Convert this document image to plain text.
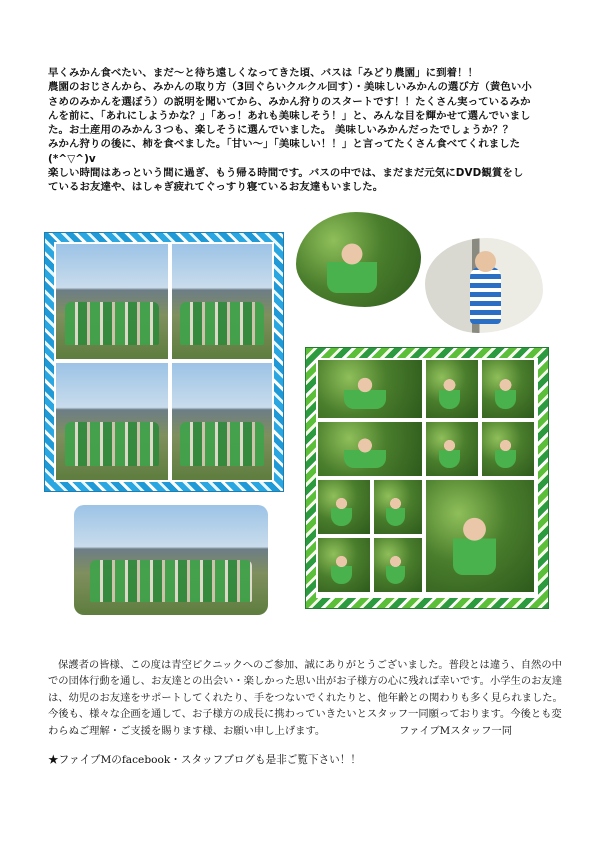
早くみかん食べたい、まだ〜と待ち遠しくなってきた頃、バスは「みどり農園」に到着！！

農園のおじさんから、みかんの取り方（3回ぐらいクルクル回す）・美味しいみかんの選び方（黄色い小

さめのみかんを選ぼう）の説明を聞いてから、みかん狩りのスタートです！！たくさん実っているみか

んを前に、「あれにしようかな？」「あっ！あれも美味しそう！」と、みんな目を輝かせて選んでいまし

た。お土産用のみかん３つも、楽しそうに選んでいました。 美味しいみかんだったでしょうか？？

みかん狩りの後に、柿を食べました。「甘い〜」「美味しい！！」と言ってたくさん食べてくれました

(*^▽^)v

楽しい時間はあっという間に過ぎ、もう帰る時間です。バスの中では、まだまだ元気にDVD観賞をし

ているお友達や、はしゃぎ疲れてぐっすり寝ているお友達もいました。

保護者の皆様、この度は青空ピクニックへのご参加、誠にありがとうございました。普段とは違う、自然の中での団体行動を通し、お友達との出会い・楽しかった思い出がお子様方の心に残れば幸いです。小学生のお友達は、幼児のお友達をサポートしてくれたり、手をつないでくれたりと、他年齢との関わりも多く見られました。今後も、様々な企画を通して、お子様方の成長に携わっていきたいとスタッフ一同願っております。今後とも変わらぬご理解・ご支援を賜ります様、お願い申し上げます。	ファイブMスタッフ一同
★ファイブMのfacebook・スタッフブログも是非ご覧下さい！！
